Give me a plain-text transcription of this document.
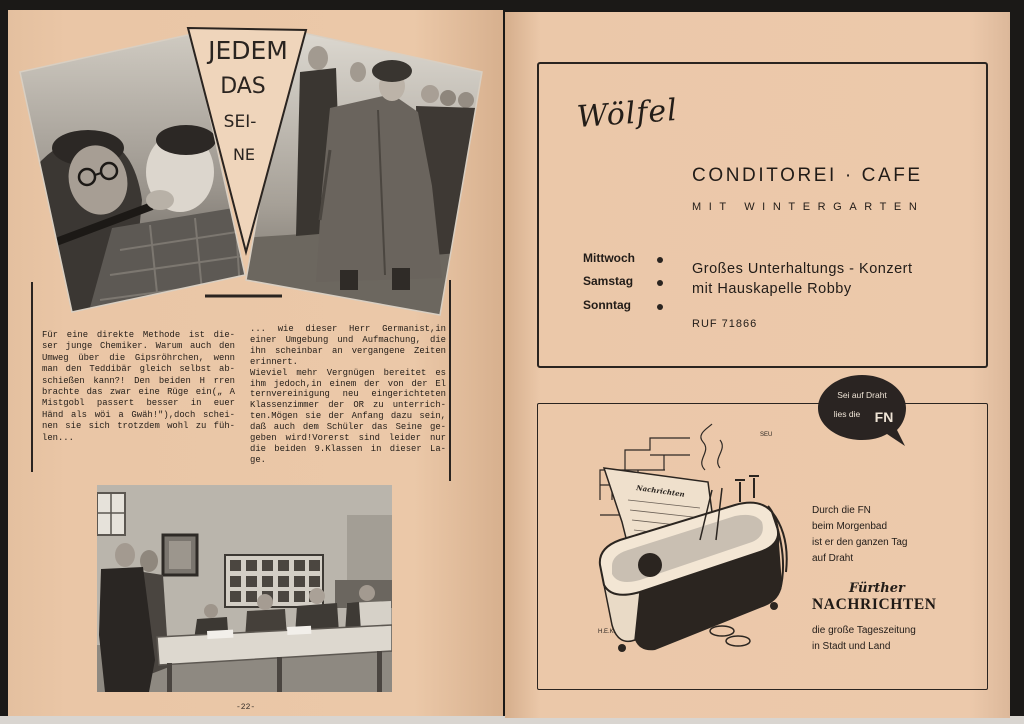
JEDEM
DAS
SEI-
NE
Für eine direkte Methode ist die-
ser junge Chemiker. Warum auch den
Umweg über die Gipsröhrchen, wenn
man den Teddibär gleich selbst ab-
schießen kann?! Den beiden H rren
brachte das zwar eine Rüge ein(„ A
Mistgobl passert besser in euer
Händ als wöi a Gwäh!"),doch schei-
nen sie sich trotzdem wohl zu füh-
len...
... wie dieser Herr Germanist,in
einer Umgebung und Aufmachung, die
ihn scheinbar an vergangene Zeiten
erinnert.
Wieviel mehr Vergnügen bereitet es
ihm jedoch,in einem der von der El
ternvereinigung neu eingerichteten
Klassenzimmer der OR zu unterrich-
ten.Mögen sie der Anfang dazu sein,
daß auch dem Schüler das Seine ge-
geben wird!Vorerst sind leider nur
die beiden 9.Klassen in dieser La-
ge.
-22-
Wölfel
CONDITOREI · CAFE
MIT WINTERGARTEN
Mittwoch
Samstag
Sonntag
Großes Unterhaltungs - Konzert
mit Hauskapelle Robby
RUF 71866
Sei auf Draht
lies die FN
Nachrichten
H.E.K.
SEU
Durch die FN
beim Morgenbad
ist er den ganzen Tag
auf Draht
Fürther
NACHRICHTEN
die große Tageszeitung
in Stadt und Land
